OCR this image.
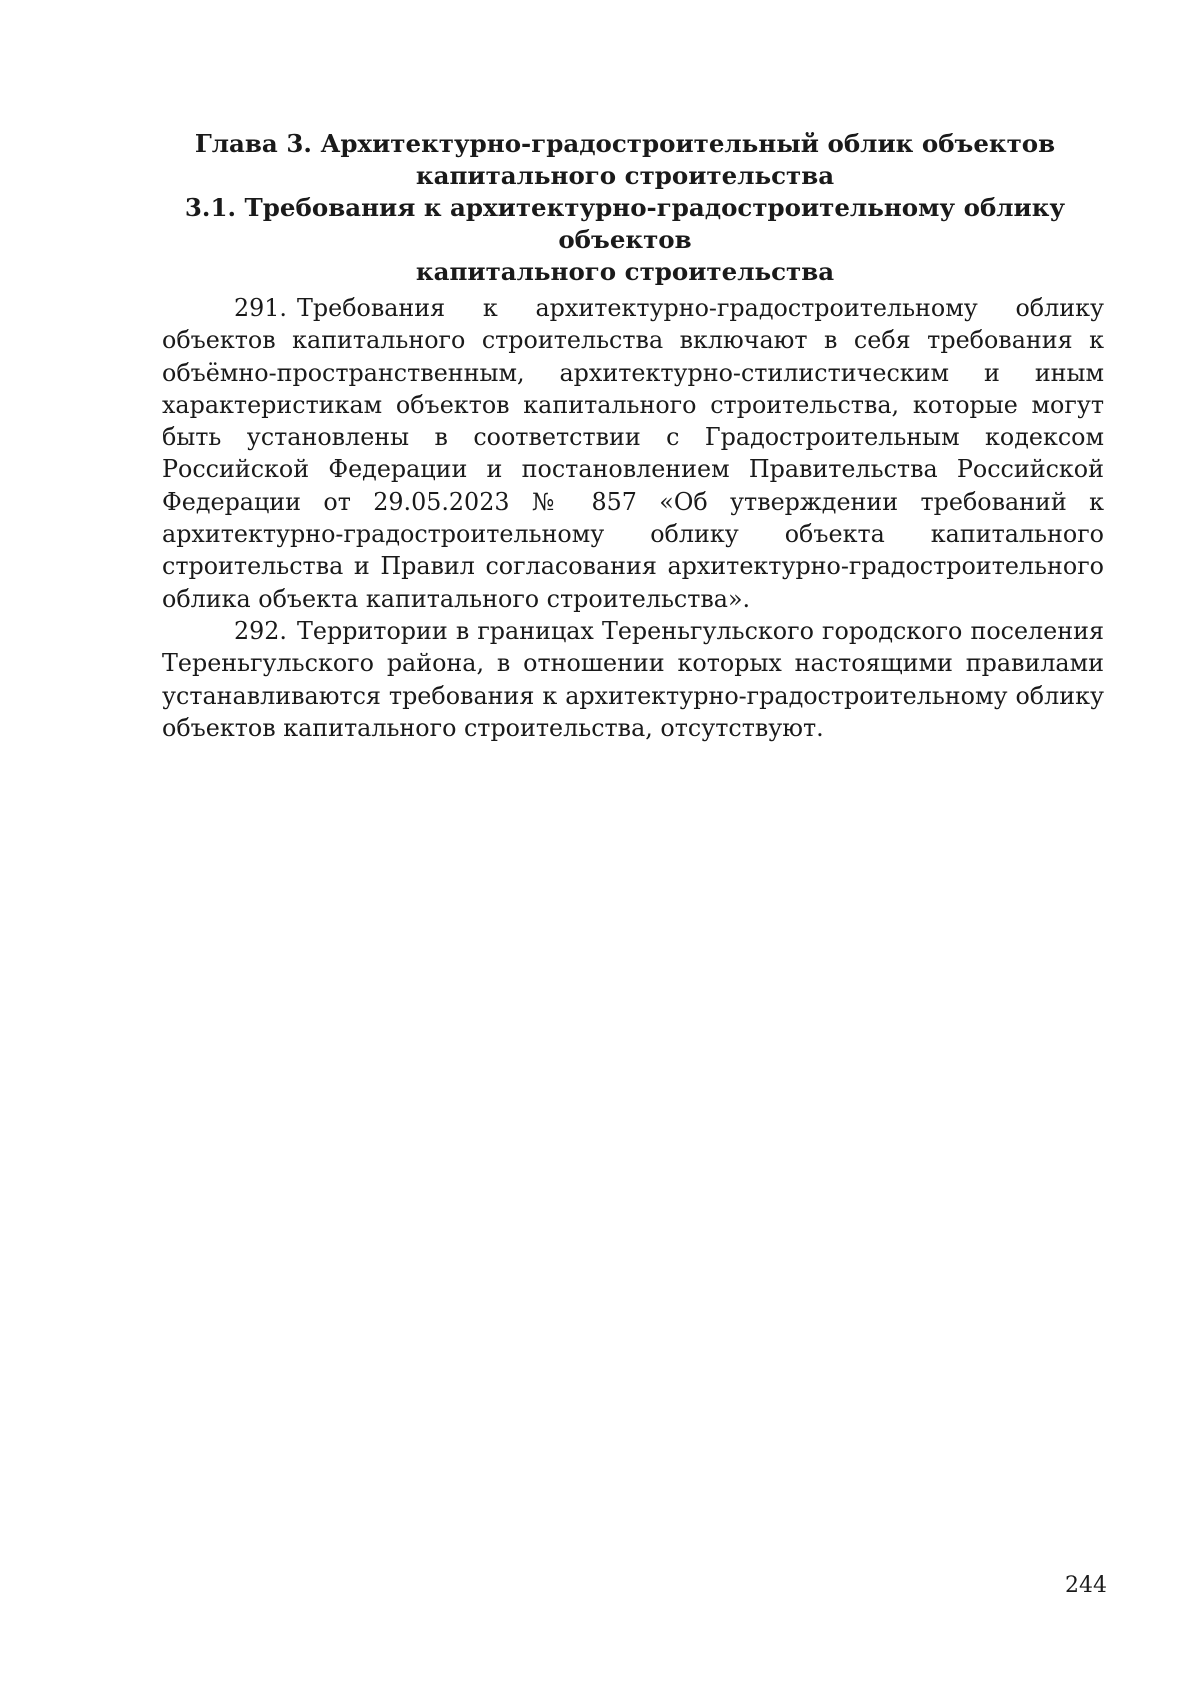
Глава 3. Архитектурно-градостроительный облик объектов
капитального строительства
3.1. Требования к архитектурно-градостроительному облику объектов
капитального строительства

291. Требования к архитектурно-градостроительному облику объектов капитального строительства включают в себя требования к объёмно-пространственным, архитектурно-стилистическим и иным характеристикам объектов капитального строительства, которые могут быть установлены в соответствии с Градостроительным кодексом Российской Федерации и постановлением Правительства Российской Федерации от 29.05.2023 № 857 «Об утверждении требований к архитектурно-градостроительному облику объекта капитального строительства и Правил согласования архитектурно-градостроительного облика объекта капитального строительства».

292. Территории в границах Тереньгульского городского поселения Тереньгульского района, в отношении которых настоящими правилами устанавливаются требования к архитектурно-градостроительному облику объектов капитального строительства, отсутствуют.

244
